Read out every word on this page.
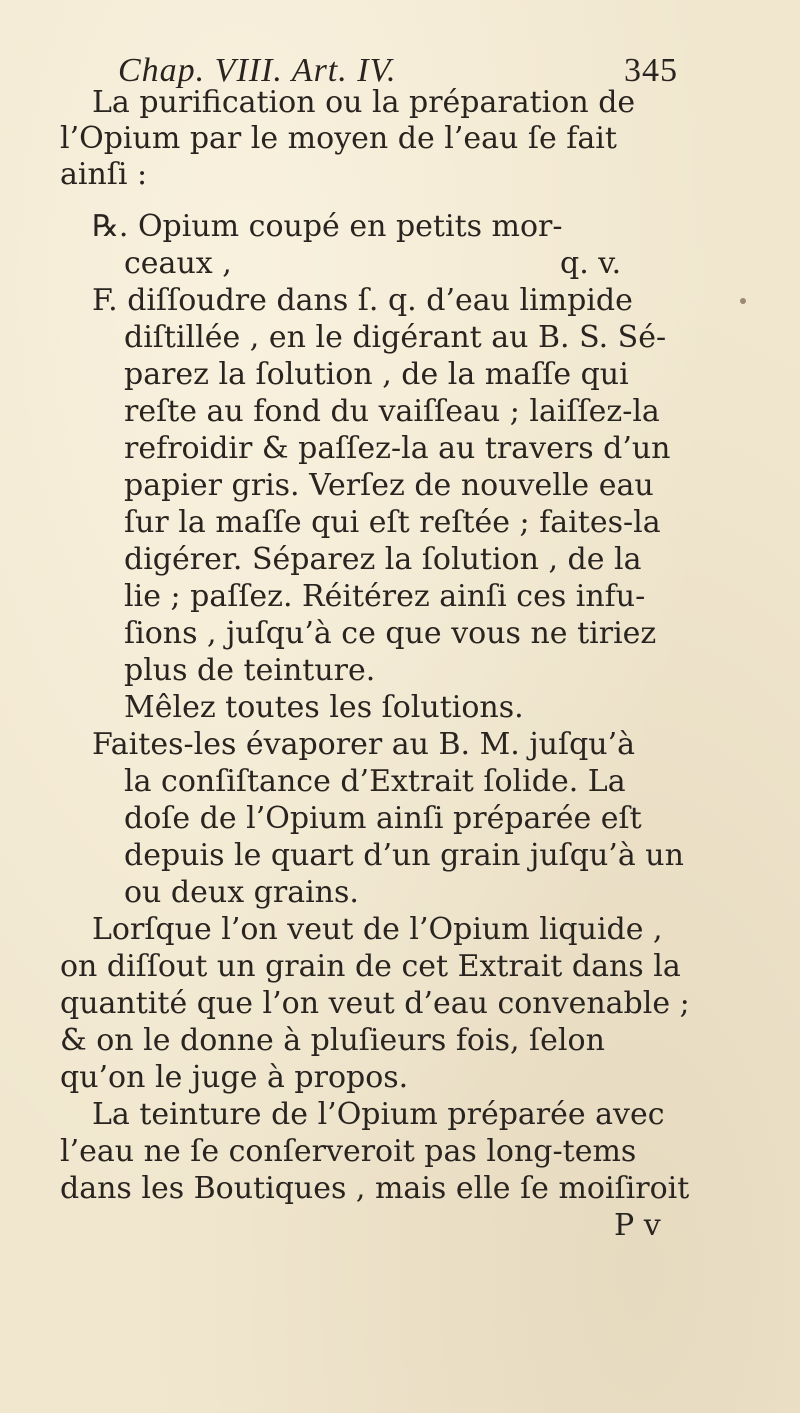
Chap. VIII. Art. IV.	345
La purification ou la préparation de
l’Opium par le moyen de l’eau ſe fait
ainſi :
℞. Opium coupé en petits mor-
ceaux ,	q. v.
F. diſſoudre dans ſ. q. d’eau limpide
diſtillée , en le digérant au B. S. Sé-
parez la ſolution , de la maſſe qui
reſte au fond du vaiſſeau ; laiſſez-la
refroidir & paſſez-la au travers d’un
papier gris. Verſez de nouvelle eau
ſur la maſſe qui eſt reſtée ; faites-la
digérer. Séparez la ſolution , de la
lie ; paſſez. Réitérez ainſi ces infu-
ſions , juſqu’à ce que vous ne tiriez
plus de teinture.
Mêlez toutes les ſolutions.
Faites-les évaporer au B. M. juſqu’à
la conſiſtance d’Extrait ſolide. La
doſe de l’Opium ainſi préparée eſt
depuis le quart d’un grain juſqu’à un
ou deux grains.
Lorſque l’on veut de l’Opium liquide ,
on diſſout un grain de cet Extrait dans la
quantité que l’on veut d’eau convenable ;
& on le donne à pluſieurs fois, ſelon
qu’on le juge à propos.
La teinture de l’Opium préparée avec
l’eau ne ſe conſerveroit pas long-tems
dans les Boutiques , mais elle ſe moiſiroit
P v
